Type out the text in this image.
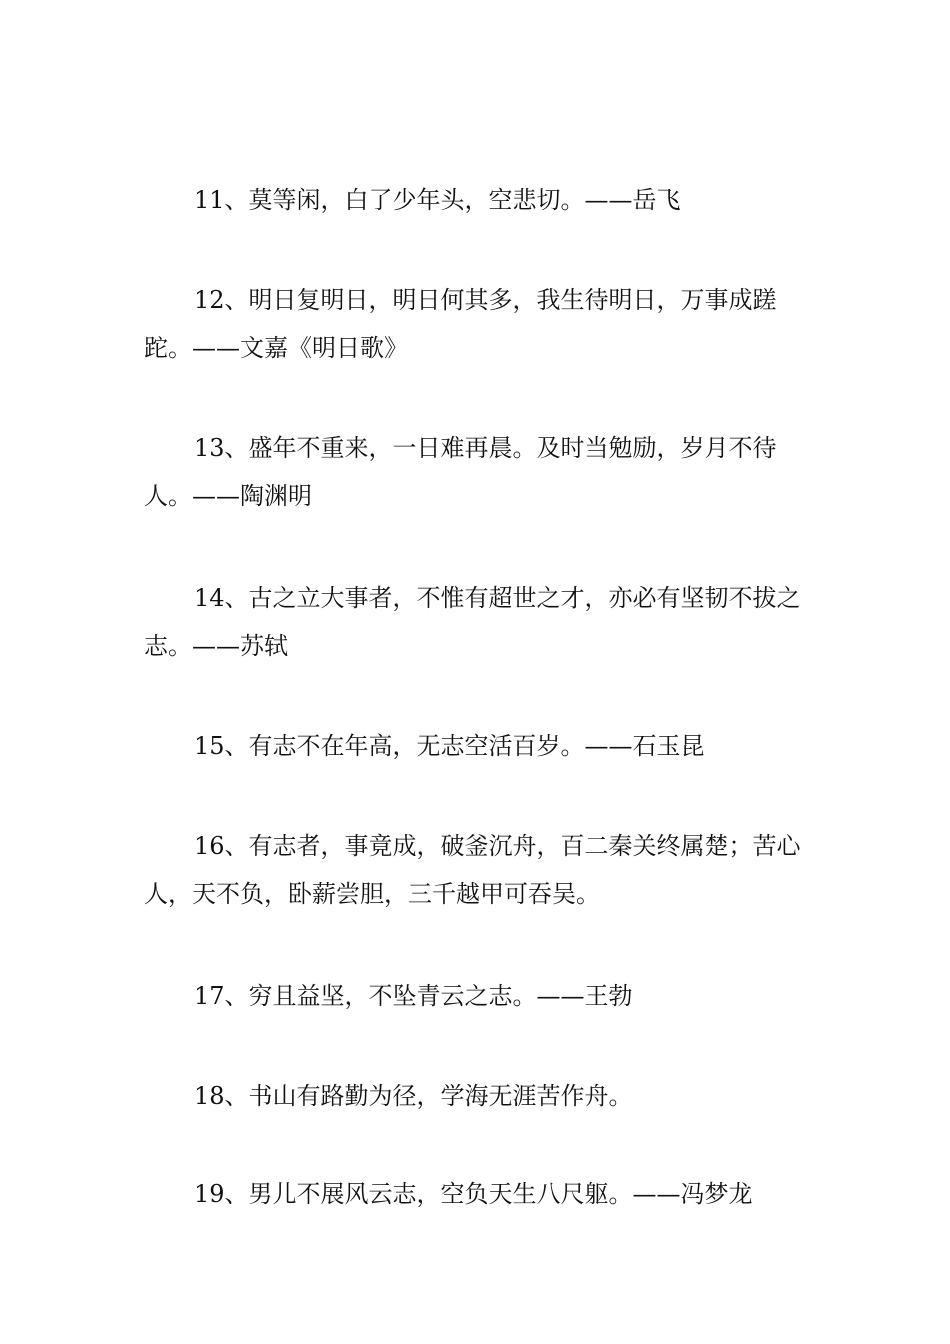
11、莫等闲，白了少年头，空悲切。——岳飞

12、明日复明日，明日何其多，我生待明日，万事成蹉跎。——文嘉《明日歌》

13、盛年不重来，一日难再晨。及时当勉励，岁月不待人。——陶渊明

14、古之立大事者，不惟有超世之才，亦必有坚韧不拔之志。——苏轼

15、有志不在年高，无志空活百岁。——石玉昆

16、有志者，事竟成，破釜沉舟，百二秦关终属楚；苦心人，天不负，卧薪尝胆，三千越甲可吞吴。

17、穷且益坚，不坠青云之志。——王勃

18、书山有路勤为径，学海无涯苦作舟。

19、男儿不展风云志，空负天生八尺躯。——冯梦龙
